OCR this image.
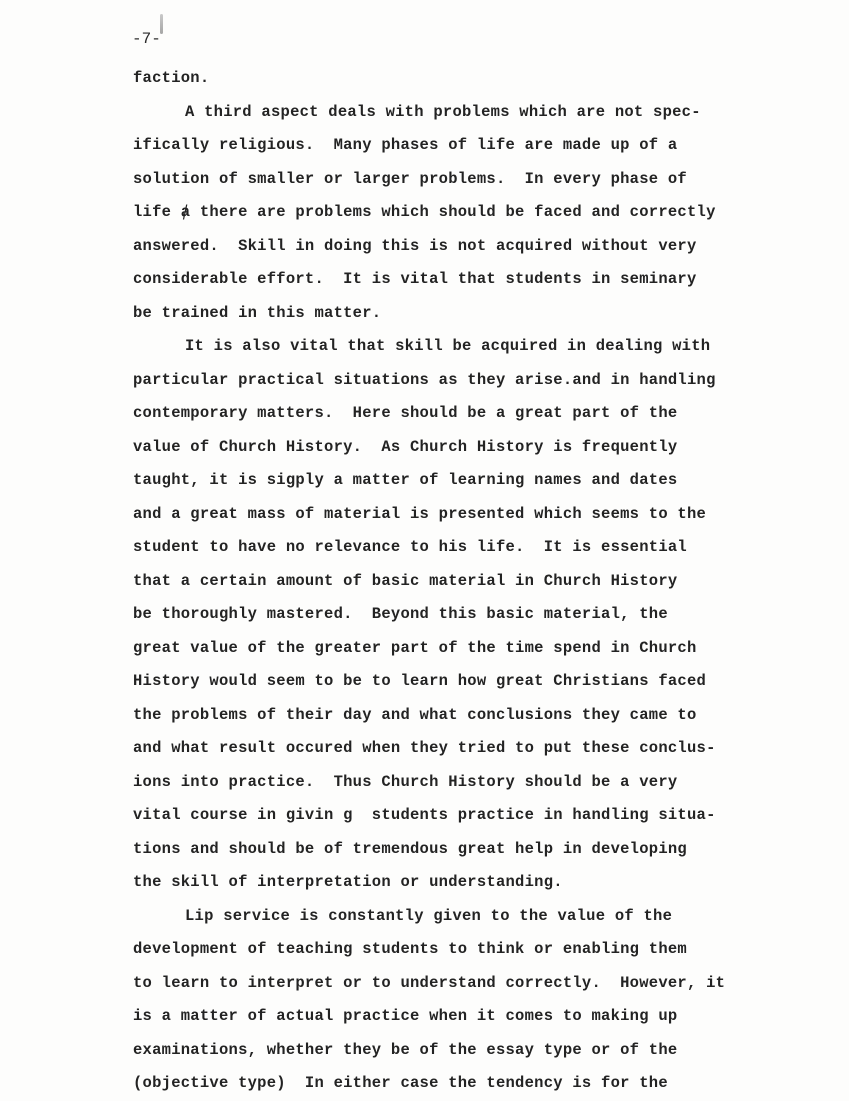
-7-
faction.
A third aspect deals with problems which are not spec-
ifically religious.  Many phases of life are made up of a
solution of smaller or larger problems.  In every phase of
life ⱥ there are problems which should be faced and correctly
answered.  Skill in doing this is not acquired without very
considerable effort.  It is vital that students in seminary
be trained in this matter.
It is also vital that skill be acquired in dealing with
particular practical situations as they arise.and in handling
contemporary matters.  Here should be a great part of the
value of Church History.  As Church History is frequently
taught, it is sigply a matter of learning names and dates
and a great mass of material is presented which seems to the
student to have no relevance to his life.  It is essential
that a certain amount of basic material in Church History
be thoroughly mastered.  Beyond this basic material, the
great value of the greater part of the time spend in Church
History would seem to be to learn how great Christians faced
the problems of their day and what conclusions they came to
and what result occured when they tried to put these conclus-
ions into practice.  Thus Church History should be a very
vital course in givin g  students practice in handling situa-
tions and should be of tremendous great help in developing
the skill of interpretation or understanding.
Lip service is constantly given to the value of the
development of teaching students to think or enabling them
to learn to interpret or to understand correctly.  However, it
is a matter of actual practice when it comes to making up
examinations, whether they be of the essay type or of the
(objective type)  In either case the tendency is for the
